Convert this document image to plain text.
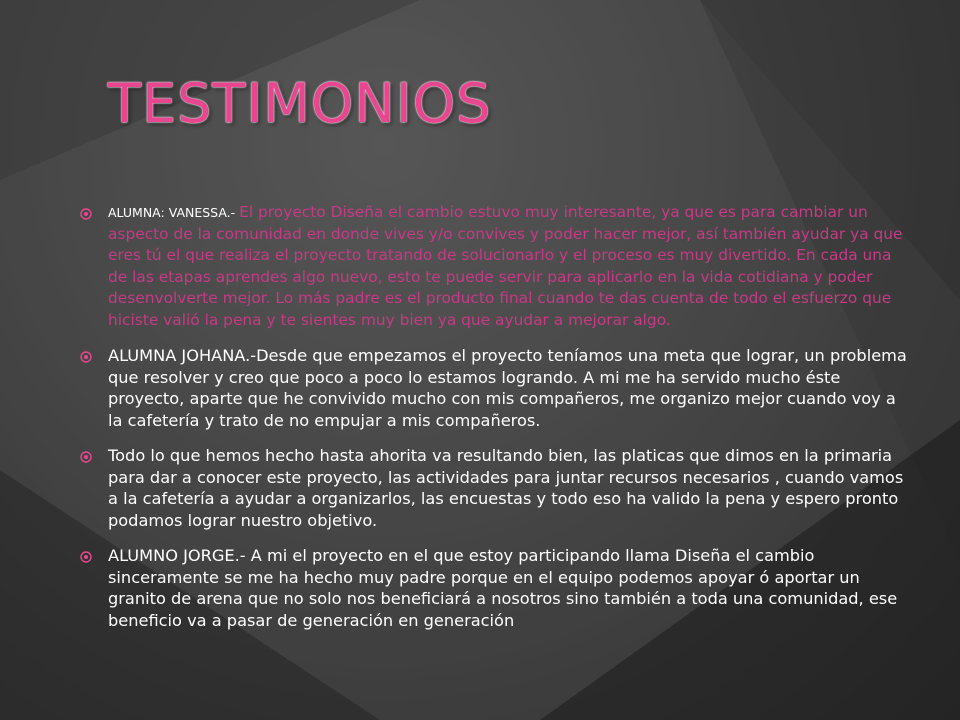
TESTIMONIOS
ALUMNA: VANESSA.- El proyecto Diseña el cambio estuvo muy interesante, ya que es para cambiar un aspecto de la comunidad en donde vives y/o convives y poder hacer mejor, así también ayudar ya que eres tú el que realiza el proyecto tratando de solucionarlo y el proceso es muy divertido. En cada una de las etapas aprendes algo nuevo, esto te puede servir para aplicarlo en la vida cotidiana y poder desenvolverte mejor. Lo más padre es el producto final cuando te das cuenta de todo el esfuerzo que hiciste valió la pena y te sientes muy bien ya que ayudar a mejorar algo.
ALUMNA JOHANA.-Desde que empezamos el proyecto teníamos una meta que lograr, un problema que resolver y creo que poco a poco lo estamos logrando. A mi me ha servido mucho éste proyecto, aparte que he convivido mucho con mis compañeros, me organizo mejor cuando voy a la cafetería y trato de no empujar a mis compañeros.
Todo lo que hemos hecho hasta ahorita va resultando bien, las platicas que dimos en la primaria para dar a conocer este proyecto, las actividades para juntar recursos necesarios , cuando vamos a la cafetería a ayudar a organizarlos, las encuestas y todo eso ha valido la pena y espero pronto podamos lograr nuestro objetivo.
ALUMNO JORGE.- A mi el proyecto en el que estoy participando llama Diseña el cambio sinceramente se me ha hecho muy padre porque en el equipo podemos apoyar ó aportar un granito de arena que no solo nos beneficiará a nosotros sino también a toda una comunidad, ese beneficio va a pasar de generación en generación
